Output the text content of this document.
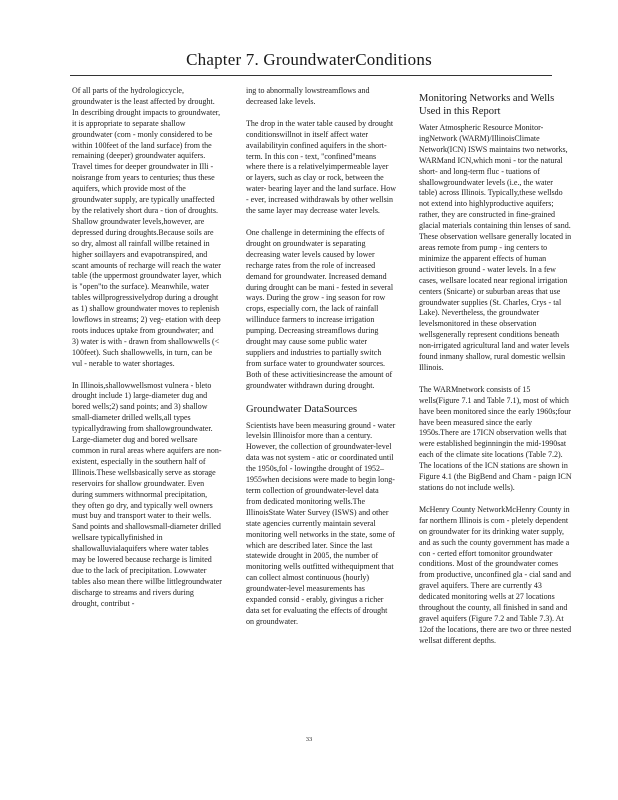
Chapter 7. GroundwaterConditions

Of all parts of the hydrologiccycle, groundwater is the least affected by drought. In describing drought impacts to groundwater, it is appropriate to separate shallow groundwater (com - monly considered to be within 100feet of the land surface) from the remaining (deeper) groundwater aquifers. Travel times for deeper groundwater in Illi - noisrange from years to centuries; thus these aquifers, which provide most of the groundwater supply, are typically unaffected by the relatively short dura - tion of droughts. Shallow groundwater levels,however, are depressed during droughts.Because soils are so dry, almost all rainfall willbe retained in higher soillayers and evapotranspired, and scant amounts of recharge will reach the water table (the uppermost groundwater layer, which is "open"to the surface). Meanwhile, water tables willprogressivelydrop during a drought as 1) shallow groundwater moves to replenish lowflows in streams; 2) veg- etation with deep roots induces uptake from groundwater; and 3) water is with - drawn from shallowwells (< 100feet). Such shallowwells, in turn, can be vul - nerable to water shortages.

In Illinois,shallowwellsmost vulnera - bleto drought include 1) large-diameter dug and bored wells;2) sand points; and 3) shallow small-diameter drilled wells,all types typicallydrawing from shallowgroundwater. Large-diameter dug and bored wellsare common in rural areas where aquifers are non- existent, especially in the southern half of Illinois.These wellsbasically serve as storage reservoirs for shallow groundwater. Even during summers withnormal precipitation, they often go dry, and typically well owners must buy and transport water to their wells. Sand points and shallowsmall-diameter drilled wellsare typicallyfinished in shallowalluvialaquifers where water tables may be lowered because recharge is limited due to the lack of precipitation. Lowwater tables also mean there willbe littlegroundwater discharge to streams and rivers during drought, contribut -

ing to abnormally lowstreamflows and decreased lake levels.

The drop in the water table caused by drought conditionswillnot in itself affect water availabilityin confined aquifers in the short-term. In this con - text, "confined"means where there is a relativelyimpermeable layer or layers, such as clay or rock, between the water- bearing layer and the land surface. How - ever, increased withdrawals by other wellsin the same layer may decrease water levels.

One challenge in determining the effects of drought on groundwater is separating decreasing water levels caused by lower recharge rates from the role of increased demand for groundwater. Increased demand during drought can be mani - fested in several ways. During the grow - ing season for row crops, especially corn, the lack of rainfall willinduce farmers to increase irrigation pumping. Decreasing streamflows during drought may cause some public water suppliers and industries to partially switch from surface water to groundwater sources. Both of these activitiesincrease the amount of groundwater withdrawn during drought.

Groundwater DataSources

Scientists have been measuring ground - water levelsin Illinoisfor more than a century. However, the collection of groundwater-level data was not system - atic or coordinated until the 1950s,fol - lowingthe drought of 1952–1955when decisions were made to begin long-term collection of groundwater-level data from dedicated monitoring wells.The IllinoisState Water Survey (ISWS) and other state agencies currently maintain several monitoring well networks in the state, some of which are described later. Since the last statewide drought in 2005, the number of monitoring wells outfitted withequipment that can collect almost continuous (hourly) groundwater-level measurements has expanded consid - erably, givingus a richer data set for evaluating the effects of drought on groundwater.

Monitoring Networks and Wells Used in this Report

Water Atmospheric Resource Monitor- ingNetwork (WARM)/IllinoisClimate Network(ICN) ISWS maintains two networks, WARMand ICN,which moni - tor the natural short- and long-term fluc - tuations of shallowgroundwater levels (i.e., the water table) across Illinois. Typically,these wellsdo not extend into highlyproductive aquifers; rather, they are constructed in fine-grained glacial materials containing thin lenses of sand. These observation wellsare generally located in areas remote from pump - ing centers to minimize the apparent effects of human activitieson ground - water levels. In a few cases, wellsare located near regional irrigation centers (Snicarte) or suburban areas that use groundwater supplies (St. Charles, Crys - tal Lake). Nevertheless, the groundwater levelsmonitored in these observation wellsgenerally represent conditions beneath non-irrigated agricultural land and water levels found inmany shallow, rural domestic wellsin Illinois.

The WARMnetwork consists of 15 wells(Figure 7.1 and Table 7.1), most of which have been monitored since the early 1960s;four have been measured since the early 1950s.There are 17ICN observation wells that were established beginningin the mid-1990sat each of the climate site locations (Table 7.2). The locations of the ICN stations are shown in Figure 4.1 (the BigBend and Cham - paign ICN stations do not include wells).

McHenry County NetworkMcHenry County in far northern Illinois is com - pletely dependent on groundwater for its drinking water supply, and as such the county government has made a con - certed effort tomonitor groundwater conditions. Most of the groundwater comes from productive, unconfined gla - cial sand and gravel aquifers. There are currently 43 dedicated monitoring wells at 27 locations throughout the county, all finished in sand and gravel aquifers (Figure 7.2 and Table 7.3). At 12of the locations, there are two or three nested wellsat different depths.

33
